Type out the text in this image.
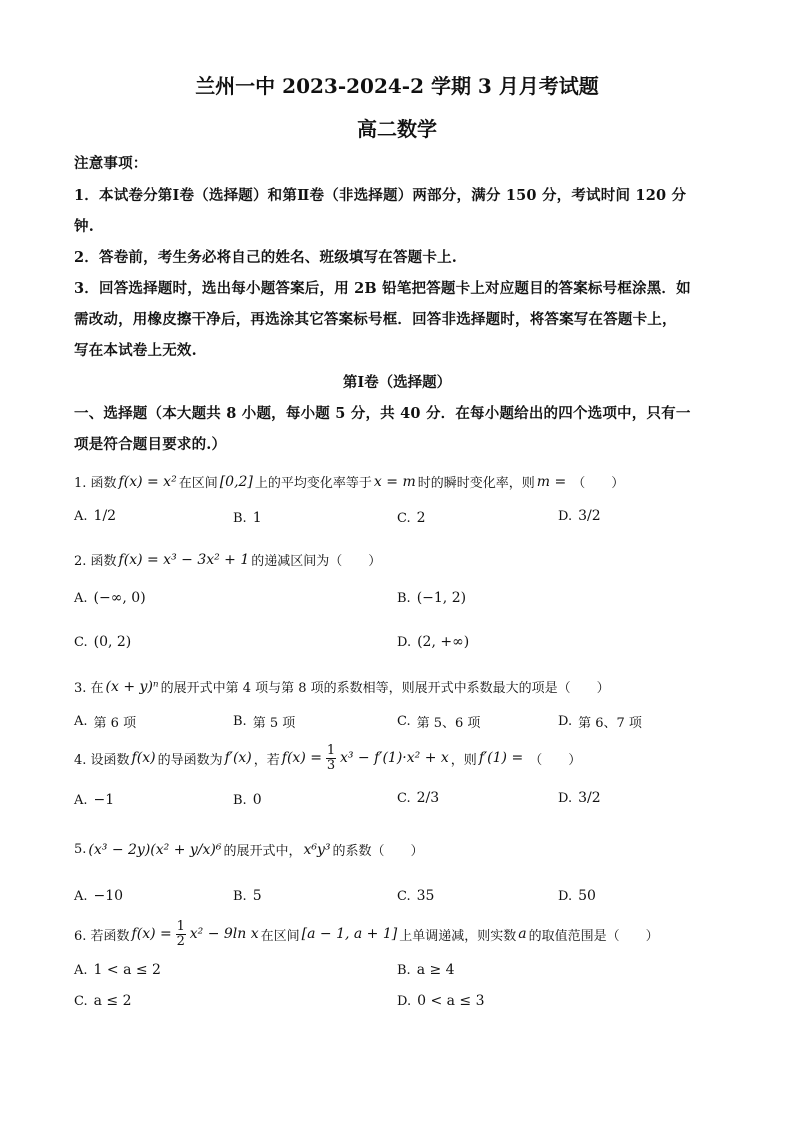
兰州一中 2023-2024-2 学期 3 月月考试题
高二数学
注意事项：
1．本试卷分第Ⅰ卷（选择题）和第Ⅱ卷（非选择题）两部分，满分 150 分，考试时间 120 分
钟.
2．答卷前，考生务必将自己的姓名、班级填写在答题卡上.
3．回答选择题时，选出每小题答案后，用 2B 铅笔把答题卡上对应题目的答案标号框涂黑．如
需改动，用橡皮擦干净后，再选涂其它答案标号框．回答非选择题时，将答案写在答题卡上，
写在本试卷上无效.
第Ⅰ卷（选择题）
一、选择题（本大题共 8 小题，每小题 5 分，共 40 分．在每小题给出的四个选项中，只有一
项是符合题目要求的.）
1. 函数 f(x) = x² 在区间 [0,2] 上的平均变化率等于 x = m 时的瞬时变化率，则 m = （　　）
A. 1/2	B. 1	C. 2	D. 3/2
2. 函数 f(x) = x³ − 3x² + 1 的递减区间为（　　）
A. (−∞, 0)	B. (−1, 2)
C. (0, 2)	D. (2, +∞)
3. 在 (x + y)ⁿ 的展开式中第 4 项与第 8 项的系数相等，则展开式中系数最大的项是（　　）
A. 第 6 项	B. 第 5 项	C. 第 5、6 项	D. 第 6、7 项
4. 设函数 f(x) 的导函数为 f′(x) ，若 $f(x) = \frac{1}{3} x^3 - f'(1)\cdot x^2 + x$ ，则 f′(1) = （　　）
A. −1	B. 0	C. 2/3	D. 3/2
5. (x³ − 2y)(x² + y/x)⁶ 的展开式中， x⁶y³ 的系数（　　）
A. −10	B. 5	C. 35	D. 50
6. 若函数 $f(x) = \frac{1}{2} x^2 - 9\ln$ x 在区间 [a − 1, a + 1] 上单调递减，则实数 a 的取值范围是（　　）
A. 1 < a ≤ 2	B. a ≥ 4
C. a ≤ 2	D. 0 < a ≤ 3
